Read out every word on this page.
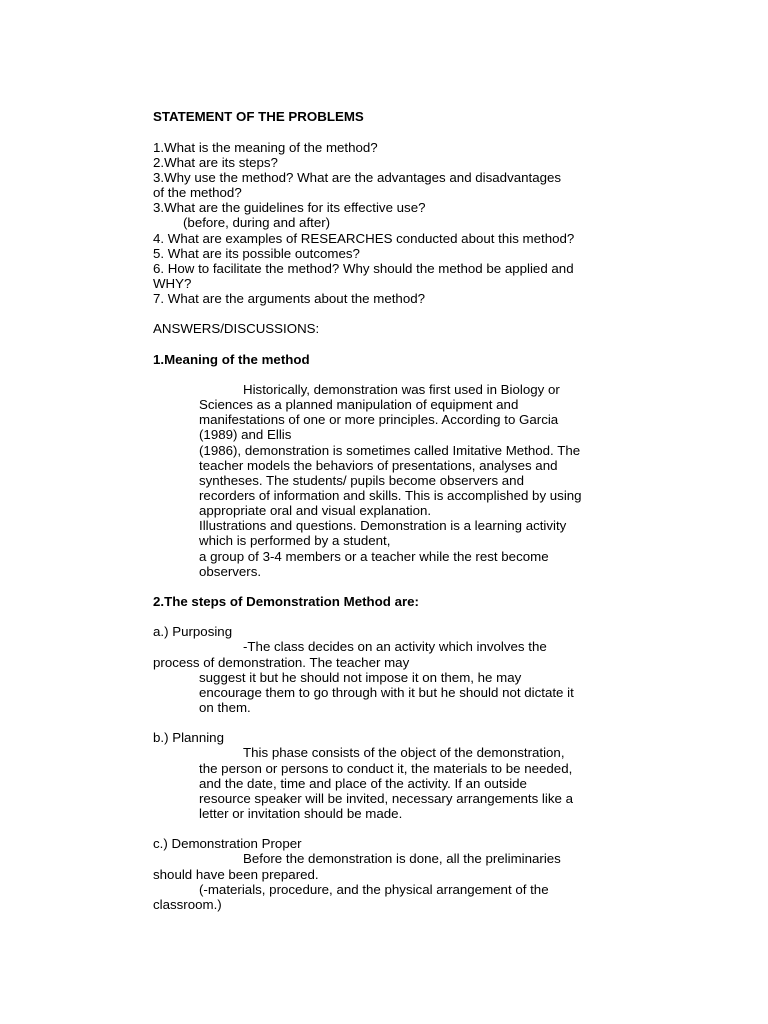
STATEMENT OF THE PROBLEMS

1.What is the meaning of the method?

2.What are its steps?

3.Why use the method? What are the advantages and disadvantages

of the method?

3.What are the guidelines for its effective use?

(before, during and after)

4. What are examples of RESEARCHES conducted about this method?

5. What are its possible outcomes?

6. How to facilitate the method? Why should the method be applied and

WHY?

7. What are the arguments about the method?

ANSWERS/DISCUSSIONS:

1.Meaning of the method

Historically, demonstration was first used in Biology or

Sciences as a planned manipulation of equipment and

manifestations of one or more principles. According to Garcia

(1989) and Ellis

(1986), demonstration is sometimes called Imitative Method. The

teacher models the behaviors of presentations, analyses and

syntheses. The students/ pupils become observers and

recorders of information and skills. This is accomplished by using

appropriate oral and visual explanation.

Illustrations and questions. Demonstration is a learning activity

which is performed by a student,

a group of 3-4 members or a teacher while the rest become

observers.

2.The steps of Demonstration Method are:

a.) Purposing

-The class decides on an activity which involves the

process of demonstration. The teacher may

suggest it but he should not impose it on them, he may

encourage them to go through with it but he should not dictate it

on them.

b.) Planning

This phase consists of the object of the demonstration,

the person or persons to conduct it, the materials to be needed,

and the date, time and place of the activity. If an outside

resource speaker will be invited, necessary arrangements like a

letter or invitation should be made.

c.) Demonstration Proper

Before the demonstration is done, all the preliminaries

should have been prepared.

(-materials, procedure, and the physical arrangement of the

classroom.)
